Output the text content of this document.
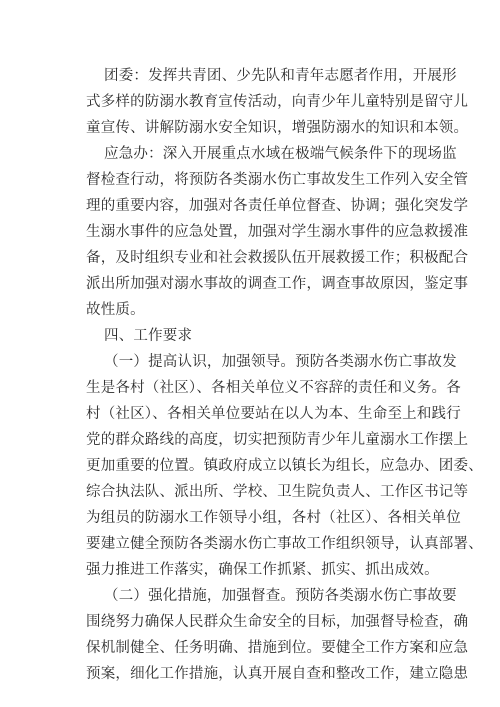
团委：发挥共青团、少先队和青年志愿者作用，开展形
式多样的防溺水教育宣传活动，向青少年儿童特别是留守儿
童宣传、讲解防溺水安全知识，增强防溺水的知识和本领。
应急办：深入开展重点水域在极端气候条件下的现场监
督检查行动，将预防各类溺水伤亡事故发生工作列入安全管
理的重要内容，加强对各责任单位督查、协调；强化突发学
生溺水事件的应急处置，加强对学生溺水事件的应急救援准
备，及时组织专业和社会救援队伍开展救援工作；积极配合
派出所加强对溺水事故的调查工作，调查事故原因，鉴定事
故性质。
四、工作要求
（一）提高认识，加强领导。预防各类溺水伤亡事故发
生是各村（社区）、各相关单位义不容辞的责任和义务。各
村（社区）、各相关单位要站在以人为本、生命至上和践行
党的群众路线的高度，切实把预防青少年儿童溺水工作摆上
更加重要的位置。镇政府成立以镇长为组长，应急办、团委、
综合执法队、派出所、学校、卫生院负责人、工作区书记等
为组员的防溺水工作领导小组，各村（社区）、各相关单位
要建立健全预防各类溺水伤亡事故工作组织领导，认真部署、
强力推进工作落实，确保工作抓紧、抓实、抓出成效。
（二）强化措施，加强督查。预防各类溺水伤亡事故要
围绕努力确保人民群众生命安全的目标，加强督导检查，确
保机制健全、任务明确、措施到位。要健全工作方案和应急
预案，细化工作措施，认真开展自查和整改工作，建立隐患
